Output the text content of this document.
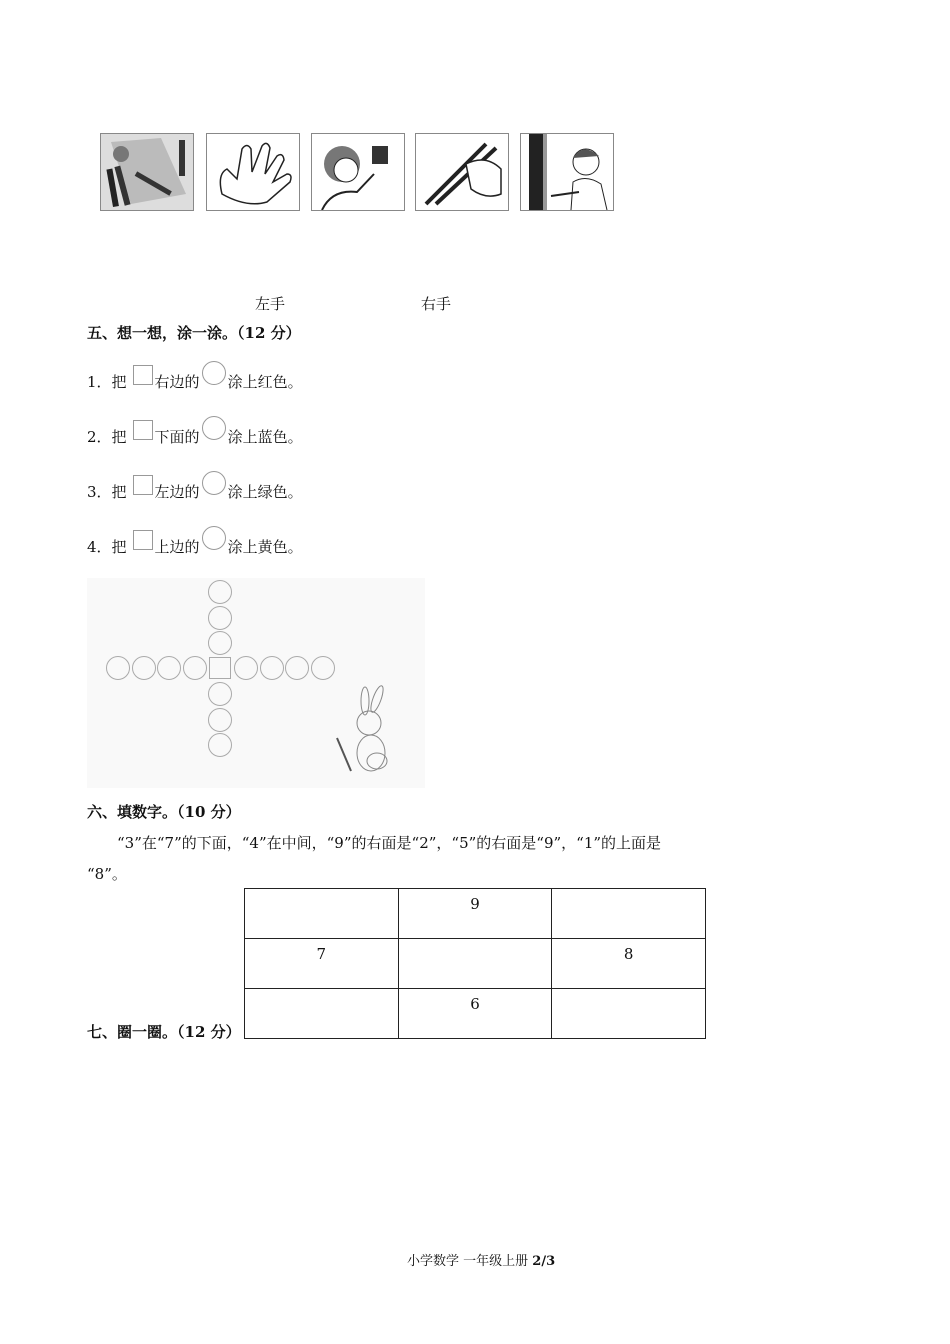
左手	右手
五、想一想，涂一涂。（12 分）
1．把 右边的 涂上红色。
2．把 下面的 涂上蓝色。
3．把 左边的 涂上绿色。
4．把 上边的 涂上黄色。
六、填数字。（10 分）
“3”在“7”的下面，“4”在中间，“9”的右面是“2”，“5”的右面是“9”，“1”的上面是
“8”。
	9	
7		8
	6	
七、圈一圈。（12 分）
小学数学 一年级上册 2/3
